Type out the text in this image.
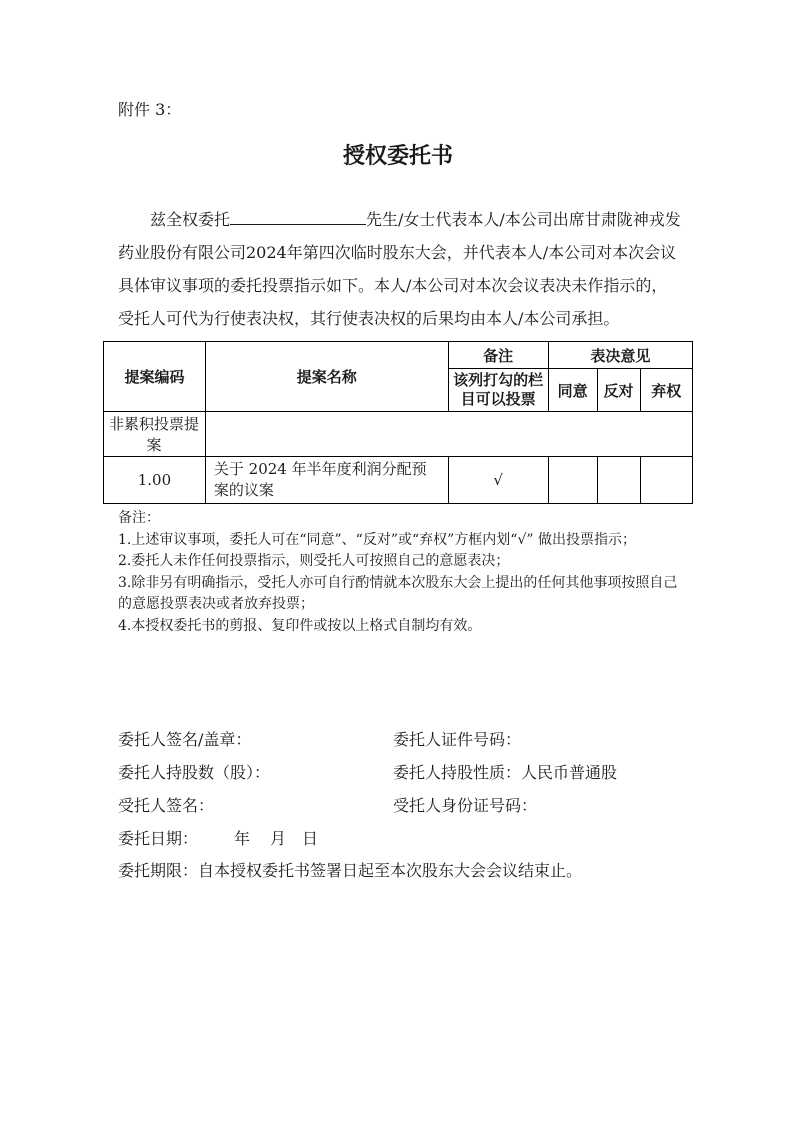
附件 3：
授权委托书
兹全权委托	先生/女士代表本人/本公司出席甘肃陇神戎发
药业股份有限公司2024年第四次临时股东大会，并代表本人/本公司对本次会议
具体审议事项的委托投票指示如下。本人/本公司对本次会议表决未作指示的，
受托人可代为行使表决权，其行使表决权的后果均由本人/本公司承担。
提案编码	提案名称	备注	表决意见		
		该列打勾的栏目可以投票	同意	反对	弃权
非累积投票提案					
1.00	关于 2024 年半年度利润分配预案的议案	√			
备注：
1.上述审议事项，委托人可在“同意”、“反对”或“弃权”方框内划“√” 做出投票指示；
2.委托人未作任何投票指示，则受托人可按照自己的意愿表决；
3.除非另有明确指示，受托人亦可自行酌情就本次股东大会上提出的任何其他事项按照自己的意愿投票表决或者放弃投票；
4.本授权委托书的剪报、复印件或按以上格式自制均有效。
委托人签名/盖章：	委托人证件号码：
委托人持股数（股）：	委托人持股性质：人民币普通股
受托人签名：	受托人身份证号码：
委托日期： 年 月 日
委托期限：自本授权委托书签署日起至本次股东大会会议结束止。
